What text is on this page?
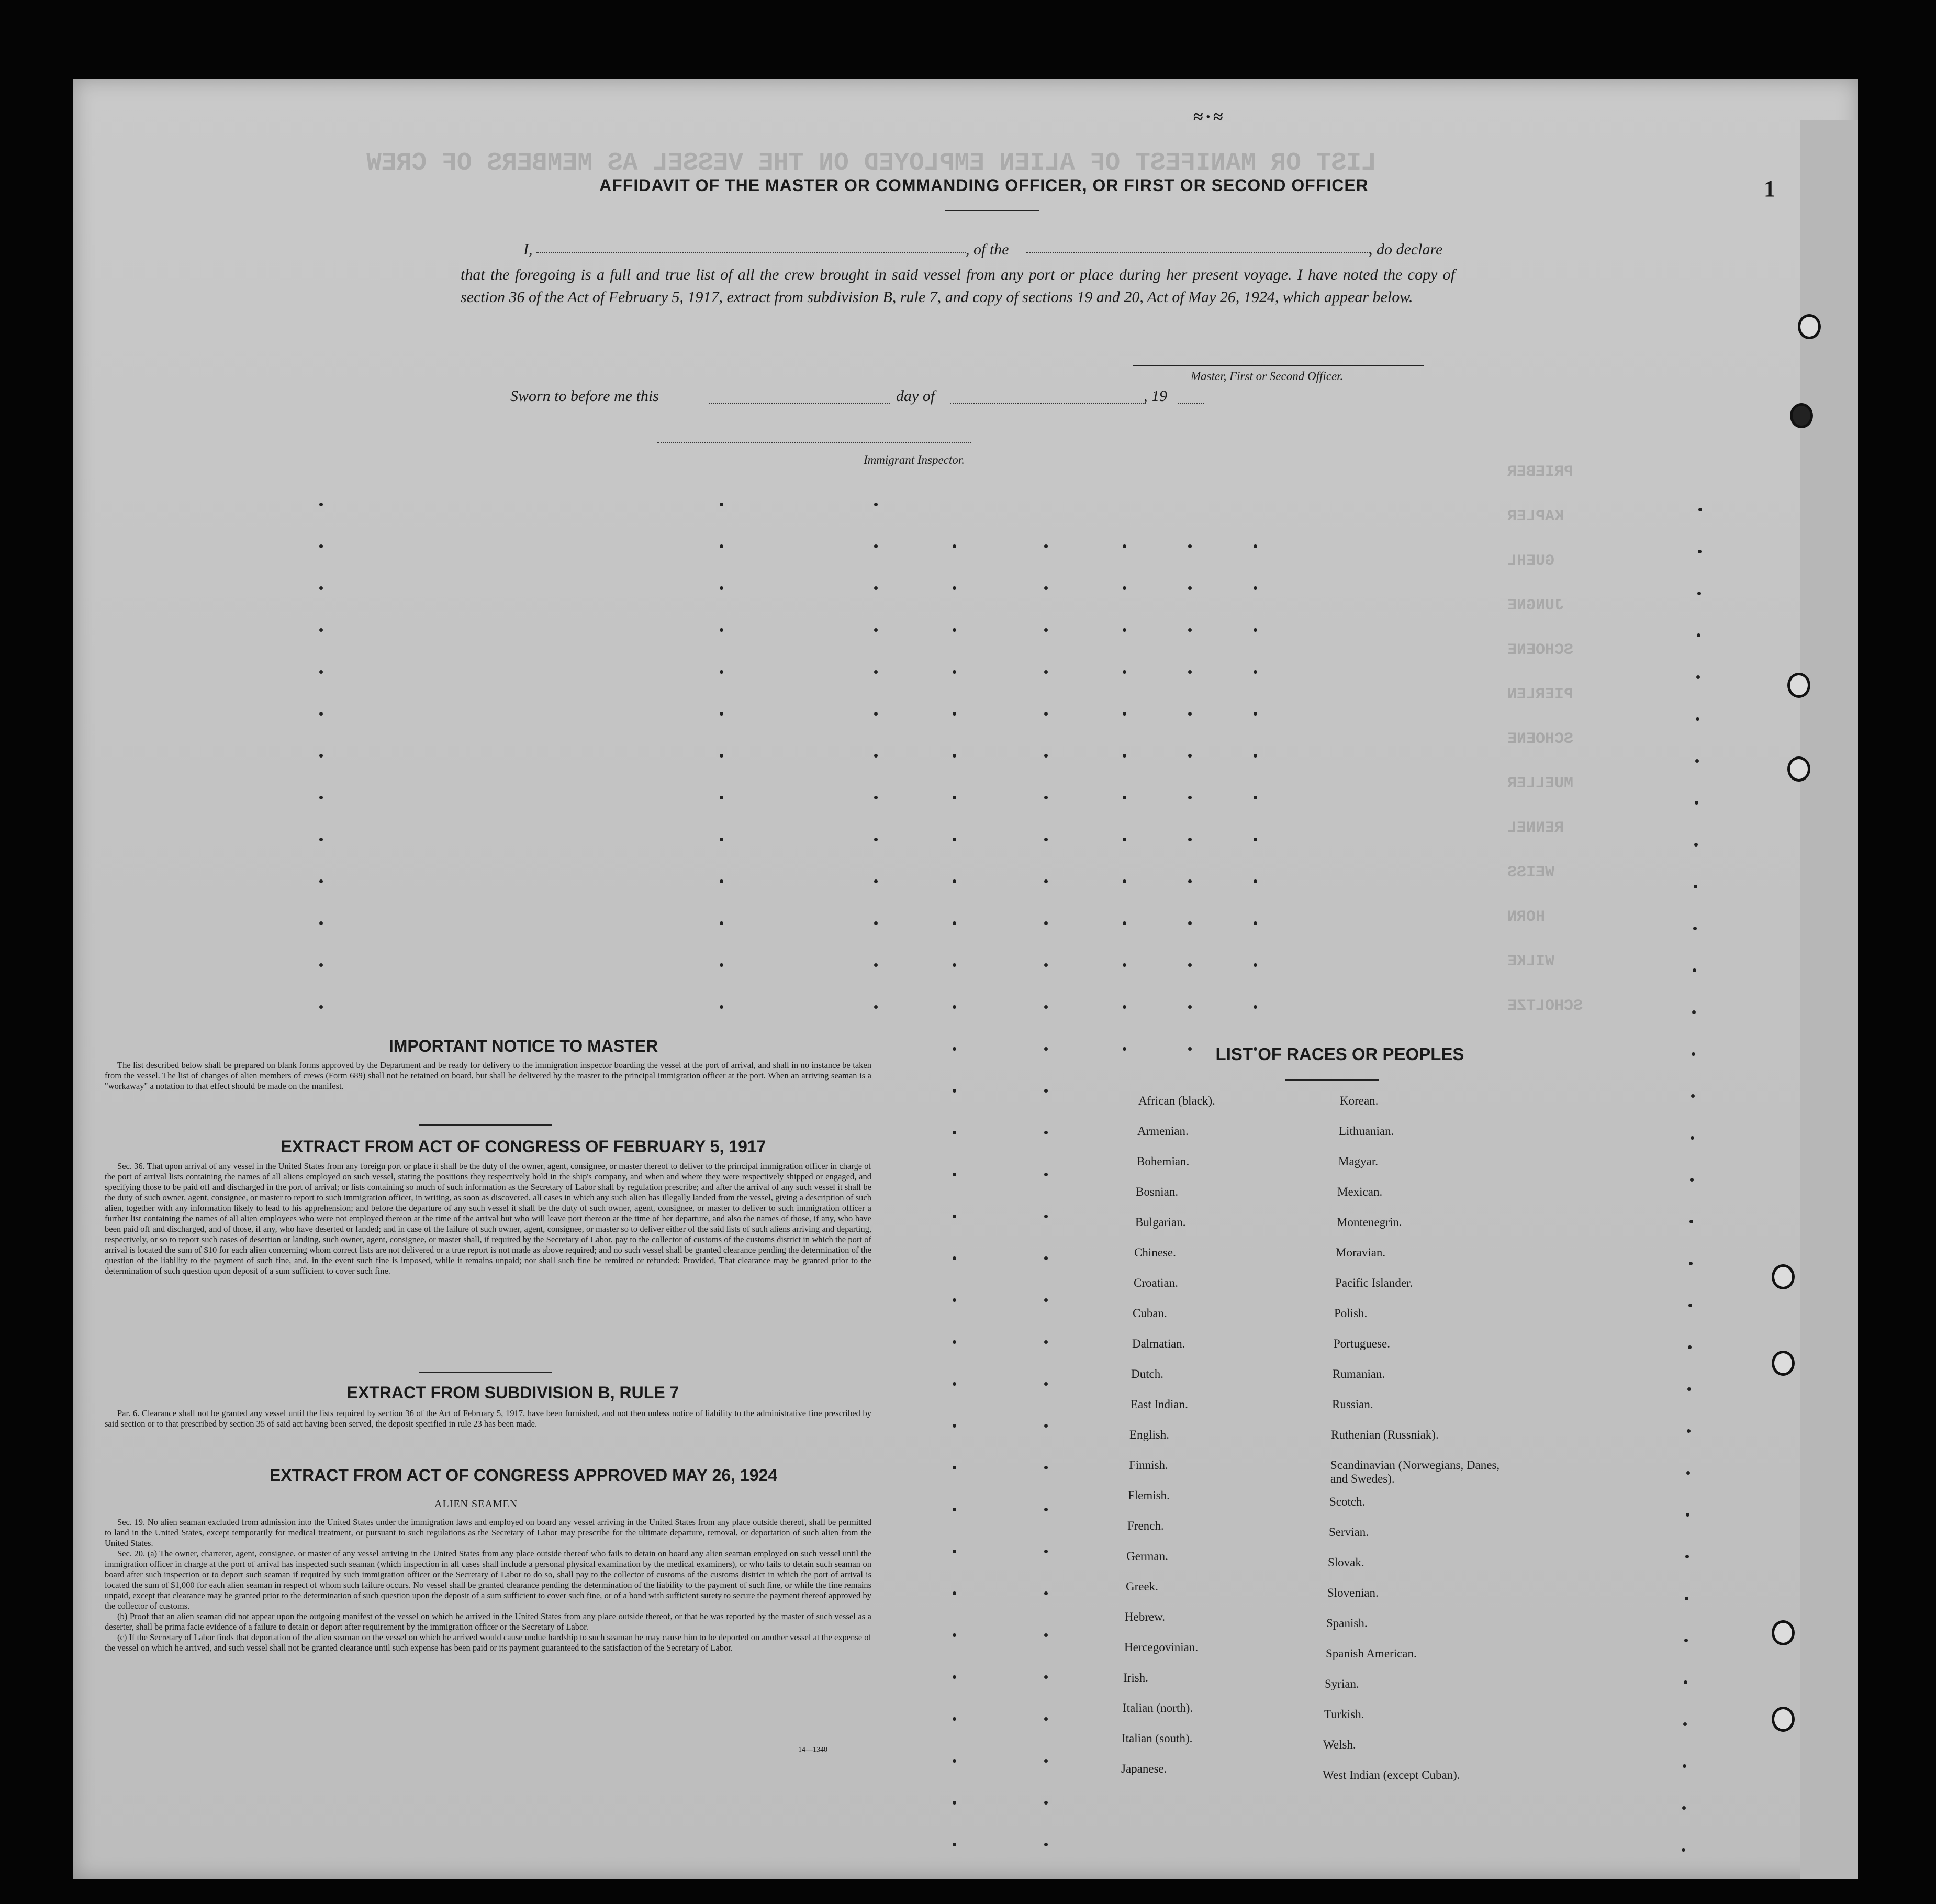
LIST OR MANIFEST OF ALIEN EMPLOYED ON THE VESSEL AS MEMBERS OF CREW
PRIEBER
KAPLER
GUEHL
JUNGNE
SCHOENE
PIERLEN
SCHOENE
MUELLER
RENNEL
WEISS
HORN
WILKE
SCHOLTZE
≈·≈
1
AFFIDAVIT OF THE MASTER OR COMMANDING OFFICER, OR FIRST OR SECOND OFFICER
I,	, of the	, do declare
that the foregoing is a full and true list of all the crew brought in said vessel from any port or place during her present voyage. I have noted the copy of section 36 of the Act of February 5, 1917, extract from subdivision B, rule 7, and copy of sections 19 and 20, Act of May 26, 1924, which appear below.
Master, First or Second Officer.
Sworn to before me this	day of	, 19
Immigrant Inspector.
IMPORTANT NOTICE TO MASTER

The list described below shall be prepared on blank forms approved by the Department and be ready for delivery to the immigration inspector boarding the vessel at the port of arrival, and shall in no instance be taken from the vessel. The list of changes of alien members of crews (Form 689) shall not be retained on board, but shall be delivered by the master to the principal immigration officer at the port. When an arriving seaman is a "workaway" a notation to that effect should be made on the manifest.

EXTRACT FROM ACT OF CONGRESS OF FEBRUARY 5, 1917

Sec. 36. That upon arrival of any vessel in the United States from any foreign port or place it shall be the duty of the owner, agent, consignee, or master thereof to deliver to the principal immigration officer in charge of the port of arrival lists containing the names of all aliens employed on such vessel, stating the positions they respectively hold in the ship's company, and when and where they were respectively shipped or engaged, and specifying those to be paid off and discharged in the port of arrival; or lists containing so much of such information as the Secretary of Labor shall by regulation prescribe; and after the arrival of any such vessel it shall be the duty of such owner, agent, consignee, or master to report to such immigration officer, in writing, as soon as discovered, all cases in which any such alien has illegally landed from the vessel, giving a description of such alien, together with any information likely to lead to his apprehension; and before the departure of any such vessel it shall be the duty of such owner, agent, consignee, or master to deliver to such immigration officer a further list containing the names of all alien employees who were not employed thereon at the time of the arrival but who will leave port thereon at the time of her departure, and also the names of those, if any, who have been paid off and discharged, and of those, if any, who have deserted or landed; and in case of the failure of such owner, agent, consignee, or master so to deliver either of the said lists of such aliens arriving and departing, respectively, or so to report such cases of desertion or landing, such owner, agent, consignee, or master shall, if required by the Secretary of Labor, pay to the collector of customs of the customs district in which the port of arrival is located the sum of $10 for each alien concerning whom correct lists are not delivered or a true report is not made as above required; and no such vessel shall be granted clearance pending the determination of the question of the liability to the payment of such fine, and, in the event such fine is imposed, while it remains unpaid; nor shall such fine be remitted or refunded: Provided, That clearance may be granted prior to the determination of such question upon deposit of a sum sufficient to cover such fine.

EXTRACT FROM SUBDIVISION B, RULE 7

Par. 6. Clearance shall not be granted any vessel until the lists required by section 36 of the Act of February 5, 1917, have been furnished, and not then unless notice of liability to the administrative fine prescribed by said section or to that prescribed by section 35 of said act having been served, the deposit specified in rule 23 has been made.

EXTRACT FROM ACT OF CONGRESS APPROVED MAY 26, 1924
ALIEN SEAMEN

Sec. 19. No alien seaman excluded from admission into the United States under the immigration laws and employed on board any vessel arriving in the United States from any place outside thereof, shall be permitted to land in the United States, except temporarily for medical treatment, or pursuant to such regulations as the Secretary of Labor may prescribe for the ultimate departure, removal, or deportation of such alien from the United States.

Sec. 20. (a) The owner, charterer, agent, consignee, or master of any vessel arriving in the United States from any place outside thereof who fails to detain on board any alien seaman employed on such vessel until the immigration officer in charge at the port of arrival has inspected such seaman (which inspection in all cases shall include a personal physical examination by the medical examiners), or who fails to detain such seaman on board after such inspection or to deport such seaman if required by such immigration officer or the Secretary of Labor to do so, shall pay to the collector of customs of the customs district in which the port of arrival is located the sum of $1,000 for each alien seaman in respect of whom such failure occurs. No vessel shall be granted clearance pending the determination of the liability to the payment of such fine, or while the fine remains unpaid, except that clearance may be granted prior to the determination of such question upon the deposit of a sum sufficient to cover such fine, or of a bond with sufficient surety to secure the payment thereof approved by the collector of customs.

(b) Proof that an alien seaman did not appear upon the outgoing manifest of the vessel on which he arrived in the United States from any place outside thereof, or that he was reported by the master of such vessel as a deserter, shall be prima facie evidence of a failure to detain or deport after requirement by the immigration officer or the Secretary of Labor.

(c) If the Secretary of Labor finds that deportation of the alien seaman on the vessel on which he arrived would cause undue hardship to such seaman he may cause him to be deported on another vessel at the expense of the vessel on which he arrived, and such vessel shall not be granted clearance until such expense has been paid or its payment guaranteed to the satisfaction of the Secretary of Labor.

14—1340
LIST OF RACES OR PEOPLES
African (black).
Armenian.
Bohemian.
Bosnian.
Bulgarian.
Chinese.
Croatian.
Cuban.
Dalmatian.
Dutch.
East Indian.
English.
Finnish.
Flemish.
French.
German.
Greek.
Hebrew.
Hercegovinian.
Irish.
Italian (north).
Italian (south).
Japanese.
Korean.
Lithuanian.
Magyar.
Mexican.
Montenegrin.
Moravian.
Pacific Islander.
Polish.
Portuguese.
Rumanian.
Russian.
Ruthenian (Russniak).
Scandinavian (Norwegians, Danes, and Swedes).
Scotch.
Servian.
Slovak.
Slovenian.
Spanish.
Spanish American.
Syrian.
Turkish.
Welsh.
West Indian (except Cuban).
